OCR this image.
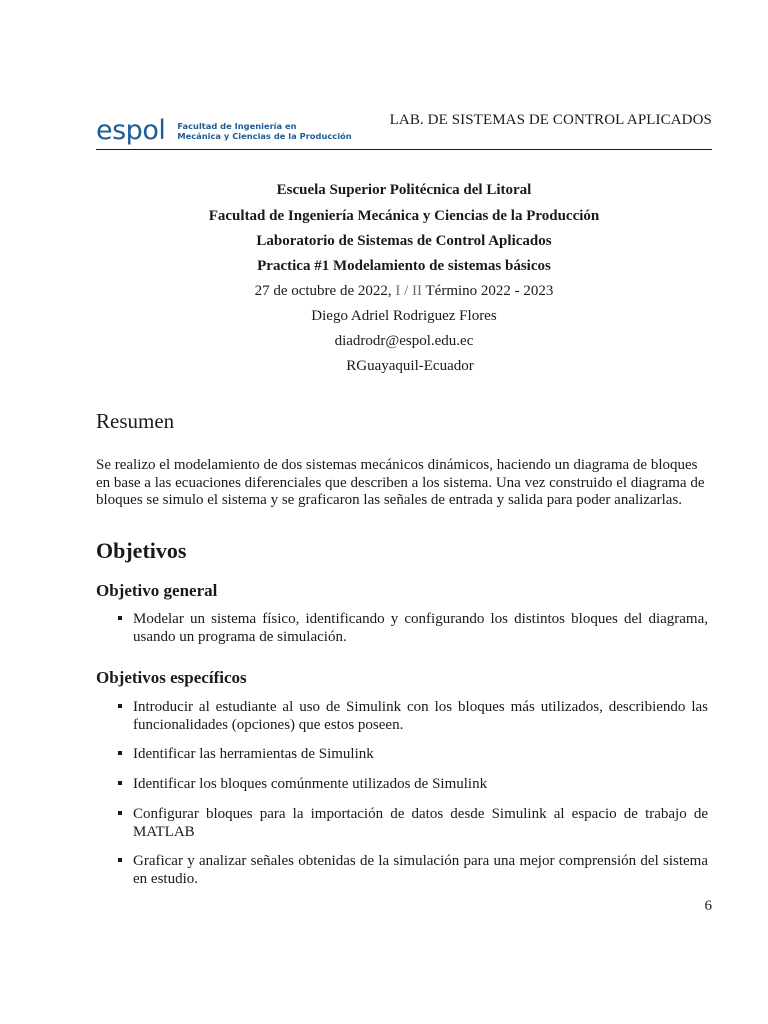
espol Facultad de Ingeniería en
Mecánica y Ciencias de la Producción
LAB. DE SISTEMAS DE CONTROL APLICADOS
Escuela Superior Politécnica del Litoral
Facultad de Ingeniería Mecánica y Ciencias de la Producción
Laboratorio de Sistemas de Control Aplicados
Practica #1 Modelamiento de sistemas básicos
27 de octubre de 2022, I / II Término 2022 - 2023
Diego Adriel Rodriguez Flores
diadrodr@espol.edu.ec
RGuayaquil-Ecuador
Resumen
Se realizo el modelamiento de dos sistemas mecánicos dinámicos, haciendo un diagrama de bloques en base a las ecuaciones diferenciales que describen a los sistema. Una vez construido el diagrama de bloques se simulo el sistema y se graficaron las señales de entrada y salida para poder analizarlas.
Objetivos
Objetivo general
Modelar un sistema físico, identificando y configurando los distintos bloques del diagrama, usando un programa de simulación.
Objetivos específicos
Introducir al estudiante al uso de Simulink con los bloques más utilizados, describiendo las funcionalidades (opciones) que estos poseen.
Identificar las herramientas de Simulink
Identificar los bloques comúnmente utilizados de Simulink
Configurar bloques para la importación de datos desde Simulink al espacio de trabajo de MATLAB
Graficar y analizar señales obtenidas de la simulación para una mejor comprensión del sistema en estudio.
6
